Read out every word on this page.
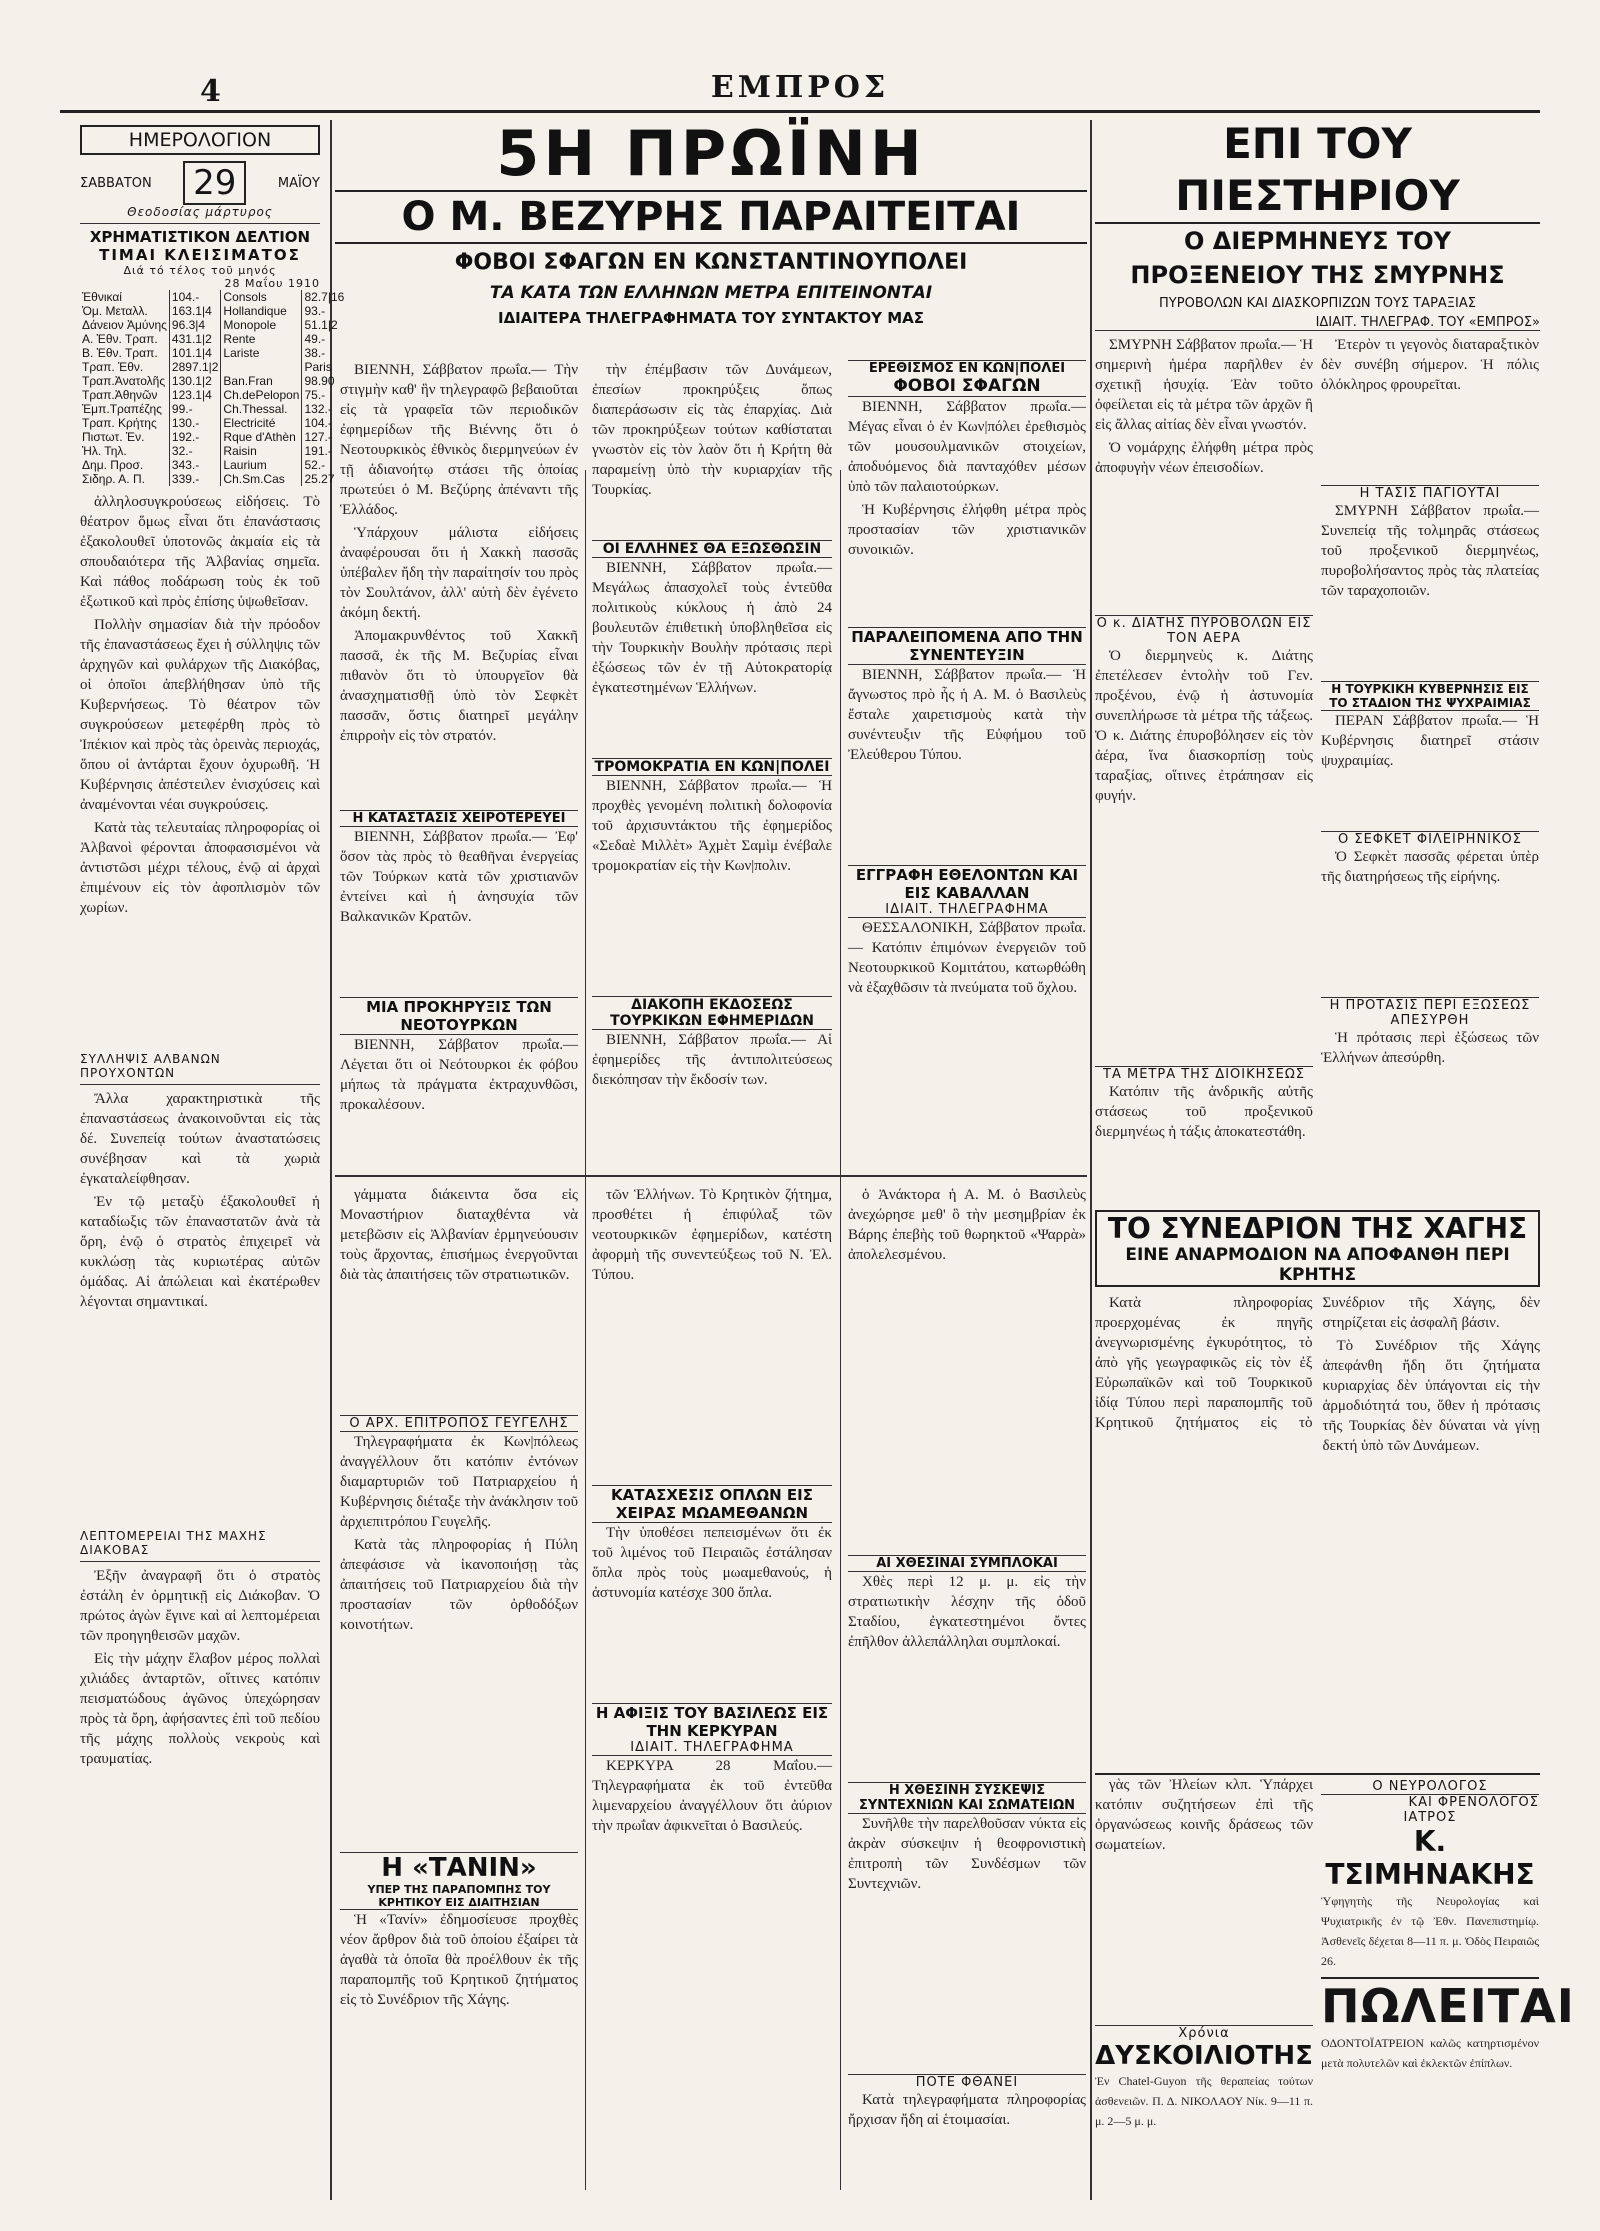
4	ΕΜΠΡΟΣ
ΗΜΕΡΟΛΟΓΙΟΝ
ΣΑΒΒΑΤΟΝ 29	ΜΑΪΟΥ
Θεοδοσίας μάρτυρος
ΧΡΗΜΑΤΙΣΤΙΚΟΝ ΔΕΛΤΙΟΝ
ΤΙΜΑΙ ΚΛΕΙΣΙΜΑΤΟΣ
Διά τό τέλος τοῦ μηνός
28 Μαΐου 1910
Ἐθνικαί	104.-	Consols	82.7|16
Ὁμ. Μεταλλ.	163.1|4	Hollandique	93.-
Δάνειον Ἀμύνης	96.3|4	Monopole	51.1|2
Α. Ἐθν. Τραπ.	431.1|2	Rente	49.-
Β. Ἐθν. Τραπ.	101.1|4	Lariste	38.-
Τραπ. Ἐθν.	2897.1|2		Paris
Τραπ.Ἀνατολῆς	130.1|2	Ban.Fran	98.90
Τραπ.Ἀθηνῶν	123.1|4	Ch.dePelopon	75.-
Ἐμπ.Τραπέζης	99.-	Ch.Thessal.	132.-
Τραπ. Κρήτης	130.-	Electricité	104.-
Πιστωτ. Ἐν.	192.-	Rque d'Athèn	127.-
Ἠλ. Τηλ.	32.-	Raisin	191.-
Δημ. Προσ.	343.-	Laurium	52.-
Σιδηρ. Α. Π.	339.-	Ch.Sm.Cas	25.27

ἀλληλοσυγκρούσεως εἰδήσεις. Τὸ θέατρον ὅμως εἶναι ὅτι ἐπανάστασις ἐξακολουθεῖ ὑποτονῶς ἀκμαία εἰς τὰ σπουδαιότερα τῆς Ἀλβανίας σημεῖα. Καὶ πάθος ποδάρωση τοὺς ἐκ τοῦ ἐξωτικοῦ καὶ πρὸς ἐπίσης ὑψωθεῖσαν.

Πολλὴν σημασίαν διὰ τὴν πρόοδον τῆς ἐπαναστάσεως ἔχει ἡ σύλληψις τῶν ἀρχηγῶν καὶ φυλάρχων τῆς Διακόβας, οἱ ὁποῖοι ἀπεβλήθησαν ὑπὸ τῆς Κυβερνήσεως. Τὸ θέατρον τῶν συγκρούσεων μετεφέρθη πρὸς τὸ Ἰπέκιον καὶ πρὸς τὰς ὀρεινὰς περιοχάς, ὅπου οἱ ἀντάρται ἔχουν ὀχυρωθῆ. Ἡ Κυβέρνησις ἀπέστειλεν ἐνισχύσεις καὶ ἀναμένονται νέαι συγκρούσεις.

Κατὰ τὰς τελευταίας πληροφορίας οἱ Ἀλβανοὶ φέρονται ἀποφασισμένοι νὰ ἀντιστῶσι μέχρι τέλους, ἐνῷ αἱ ἀρχαὶ ἐπιμένουν εἰς τὸν ἀφοπλισμὸν τῶν χωρίων.

ΣΥΛΛΗΨΙΣ ΑΛΒΑΝΩΝ ΠΡΟΥΧΟΝΤΩΝ

Ἄλλα χαρακτηριστικὰ τῆς ἐπαναστάσεως ἀνακοινοῦνται εἰς τὰς δέ. Συνεπείᾳ τούτων ἀναστατώσεις συνέβησαν καὶ τὰ χωριὰ ἐγκαταλείφθησαν.

Ἐν τῷ μεταξὺ ἐξακολουθεῖ ἡ καταδίωξις τῶν ἐπαναστατῶν ἀνὰ τὰ ὄρη, ἐνῷ ὁ στρατὸς ἐπιχειρεῖ νὰ κυκλώσῃ τὰς κυριωτέρας αὐτῶν ὁμάδας. Αἱ ἀπώλειαι καὶ ἐκατέρωθεν λέγονται σημαντικαί.

ΛΕΠΤΟΜΕΡΕΙΑΙ ΤΗΣ ΜΑΧΗΣ ΔΙΑΚΟΒΑΣ

Ἐξῆν ἀναγραφῆ ὅτι ὁ στρατὸς ἐστάλη ἐν ὀρμητικῇ εἰς Διάκοβαν. Ὁ πρώτος ἀγὼν ἔγινε καὶ αἱ λεπτομέρειαι τῶν προηγηθεισῶν μαχῶν.

Εἰς τὴν μάχην ἔλαβον μέρος πολλαὶ χιλιάδες ἀνταρτῶν, οἵτινες κατόπιν πεισματώδους ἀγῶνος ὑπεχώρησαν πρὸς τὰ ὄρη, ἀφήσαντες ἐπὶ τοῦ πεδίου τῆς μάχης πολλοὺς νεκροὺς καὶ τραυματίας.

5Η ΠΡΩΪΝΗ
Ο Μ. ΒΕΖΥΡΗΣ ΠΑΡΑΙΤΕΙΤΑΙ
ΦΟΒΟΙ ΣΦΑΓΩΝ ΕΝ ΚΩΝΣΤΑΝΤΙΝΟΥΠΟΛΕΙ
ΤΑ ΚΑΤΑ ΤΩΝ ΕΛΛΗΝΩΝ ΜΕΤΡΑ ΕΠΙΤΕΙΝΟΝΤΑΙ
ΙΔΙΑΙΤΕΡΑ ΤΗΛΕΓΡΑΦΗΜΑΤΑ ΤΟΥ ΣΥΝΤΑΚΤΟΥ ΜΑΣ

ΒΙΕΝΝΗ, Σάββατον πρωΐα.— Τὴν στιγμὴν καθ' ἣν τηλεγραφῶ βεβαιοῦται εἰς τὰ γραφεῖα τῶν περιοδικῶν ἐφημερίδων τῆς Βιέννης ὅτι ὁ Νεοτουρκικὸς ἐθνικὸς διερμηνεύων ἐν τῇ ἀδιανοήτῳ στάσει τῆς ὁποίας πρωτεύει ὁ Μ. Βεζύρης ἀπέναντι τῆς Ἑλλάδος.

Ὑπάρχουν μάλιστα εἰδήσεις ἀναφέρουσαι ὅτι ἡ Χακκὴ πασσᾶς ὑπέβαλεν ἤδη τὴν παραίτησίν του πρὸς τὸν Σουλτάνον, ἀλλ' αὐτὴ δὲν ἐγένετο ἀκόμη δεκτή.

Ἀπομακρυνθέντος τοῦ Χακκῆ πασσᾶ, ἐκ τῆς Μ. Βεζυρίας εἶναι πιθανὸν ὅτι τὸ ὑπουργεῖον θὰ ἀνασχηματισθῇ ὑπὸ τὸν Σεφκὲτ πασσᾶν, ὅστις διατηρεῖ μεγάλην ἐπιρροὴν εἰς τὸν στρατόν.

Η ΚΑΤΑΣΤΑΣΙΣ ΧΕΙΡΟΤΕΡΕΥΕΙ

ΒΙΕΝΝΗ, Σάββατον πρωΐα.— Ἐφ' ὅσον τὰς πρὸς τὸ θεαθῆναι ἐνεργείας τῶν Τούρκων κατὰ τῶν χριστιανῶν ἐντείνει καὶ ἡ ἀνησυχία τῶν Βαλκανικῶν Κρατῶν.

ΜΙΑ ΠΡΟΚΗΡΥΞΙΣ ΤΩΝ ΝΕΟΤΟΥΡΚΩΝ

ΒΙΕΝΝΗ, Σάββατον πρωΐα.— Λέγεται ὅτι οἱ Νεότουρκοι ἐκ φόβου μήπως τὰ πράγματα ἐκτραχυνθῶσι, προκαλέσουν.

τὴν ἐπέμβασιν τῶν Δυνάμεων, ἐπεσίων προκηρύξεις ὅπως διαπεράσωσιν εἰς τὰς ἐπαρχίας. Διὰ τῶν προκηρύξεων τούτων καθίσταται γνωστὸν εἰς τὸν λαὸν ὅτι ἡ Κρήτη θὰ παραμείνῃ ὑπὸ τὴν κυριαρχίαν τῆς Τουρκίας.

ΟΙ ΕΛΛΗΝΕΣ ΘΑ ΕΞΩΣΘΩΣΙΝ

ΒΙΕΝΝΗ, Σάββατον πρωΐα.— Μεγάλως ἀπασχολεῖ τοὺς ἐντεῦθα πολιτικοὺς κύκλους ἡ ἀπὸ 24 βουλευτῶν ἐπιθετικὴ ὑποβληθεῖσα εἰς τὴν Τουρκικὴν Βουλὴν πρότασις περὶ ἐξώσεως τῶν ἐν τῇ Αὐτοκρατορίᾳ ἐγκατεστημένων Ἑλλήνων.

ΤΡΟΜΟΚΡΑΤΙΑ ΕΝ ΚΩΝ|ΠΟΛΕΙ

ΒΙΕΝΝΗ, Σάββατον πρωΐα.— Ἡ προχθὲς γενομένη πολιτικὴ δολοφονία τοῦ ἀρχισυντάκτου τῆς ἐφημερίδος «Σεδαὲ Μιλλὲτ» Ἀχμὲτ Σαμὶμ ἐνέβαλε τρομοκρατίαν εἰς τὴν Κων|πολιν.

ΔΙΑΚΟΠΗ ΕΚΔΟΣΕΩΣ ΤΟΥΡΚΙΚΩΝ ΕΦΗΜΕΡΙΔΩΝ

ΒΙΕΝΝΗ, Σάββατον πρωΐα.— Αἱ ἐφημερίδες τῆς ἀντιπολιτεύσεως διεκόπησαν τὴν ἔκδοσίν των.

ΕΡΕΘΙΣΜΟΣ ΕΝ ΚΩΝ|ΠΟΛΕΙ
ΦΟΒΟΙ ΣΦΑΓΩΝ

ΒΙΕΝΝΗ, Σάββατον πρωΐα.— Μέγας εἶναι ὁ ἐν Κων|πόλει ἐρεθισμὸς τῶν μουσουλμανικῶν στοιχείων, ἀποδυόμενος διὰ πανταχόθεν μέσων ὑπὸ τῶν παλαιοτούρκων.

Ἡ Κυβέρνησις ἐλήφθη μέτρα πρὸς προστασίαν τῶν χριστιανικῶν συνοικιῶν.

ΠΑΡΑΛΕΙΠΟΜΕΝΑ ΑΠΟ ΤΗΝ ΣΥΝΕΝΤΕΥΞΙΝ

ΒΙΕΝΝΗ, Σάββατον πρωΐα.— Ἡ ἄγνωστος πρὸ ἧς ἡ Α. Μ. ὁ Βασιλεὺς ἔσταλε χαιρετισμοὺς κατὰ τὴν συνέντευξιν τῆς Εὐφήμου τοῦ Ἐλεύθερου Τύπου.

ΕΓΓΡΑΦΗ ΕΘΕΛΟΝΤΩΝ ΚΑΙ ΕΙΣ ΚΑΒΑΛΛΑΝ
ΙΔΙΑΙΤ. ΤΗΛΕΓΡΑΦΗΜΑ

ΘΕΣΣΑΛΟΝΙΚΗ, Σάββατον πρωΐα.— Κατόπιν ἐπιμόνων ἐνεργειῶν τοῦ Νεοτουρκικοῦ Κομιτάτου, κατωρθώθη νὰ ἐξαχθῶσιν τὰ πνεύματα τοῦ ὄχλου.

γάμματα διάκειντα ὅσα εἰς Μοναστήριον διαταχθέντα νὰ μετεβῶσιν εἰς Ἀλβανίαν ἐρμηνεύουσιν τοὺς ἄρχοντας, ἐπισήμως ἐνεργοῦνται διὰ τὰς ἀπαιτήσεις τῶν στρατιωτικῶν.

Ο ΑΡΧ. ΕΠΙΤΡΟΠΟΣ ΓΕΥΓΕΛΗΣ

Τηλεγραφήματα ἐκ Κων|πόλεως ἀναγγέλλουν ὅτι κατόπιν ἐντόνων διαμαρτυριῶν τοῦ Πατριαρχείου ἡ Κυβέρνησις διέταξε τὴν ἀνάκλησιν τοῦ ἀρχιεπιτρόπου Γευγελῆς.

Κατὰ τὰς πληροφορίας ἡ Πύλη ἀπεφάσισε νὰ ἱκανοποιήσῃ τὰς ἀπαιτήσεις τοῦ Πατριαρχείου διὰ τὴν προστασίαν τῶν ὀρθοδόξων κοινοτήτων.

Η «ΤΑΝΙΝ»
ΥΠΕΡ ΤΗΣ ΠΑΡΑΠΟΜΠΗΣ ΤΟΥ ΚΡΗΤΙΚΟΥ ΕΙΣ ΔΙΑΙΤΗΣΙΑΝ

Ἡ «Τανίν» ἐδημοσίευσε προχθὲς νέον ἄρθρον διὰ τοῦ ὁποίου ἐξαίρει τὰ ἀγαθὰ τὰ ὁποῖα θὰ προέλθουν ἐκ τῆς παραπομπῆς τοῦ Κρητικοῦ ζητήματος εἰς τὸ Συνέδριον τῆς Χάγης.

τῶν Ἑλλήνων. Τὸ Κρητικὸν ζήτημα, προσθέτει ἡ ἐπιφύλαξ τῶν νεοτουρκικῶν ἐφημερίδων, κατέστη ἀφορμὴ τῆς συνεντεύξεως τοῦ Ν. Ἐλ. Τύπου.

ΚΑΤΑΣΧΕΣΙΣ ΟΠΛΩΝ ΕΙΣ ΧΕΙΡΑΣ ΜΩΑΜΕΘΑΝΩΝ

Τὴν ὑποθέσει πεπεισμένων ὅτι ἐκ τοῦ λιμένος τοῦ Πειραιῶς ἐστάλησαν ὅπλα πρὸς τοὺς μωαμεθανούς, ἡ ἀστυνομία κατέσχε 300 ὅπλα.

Η ΑΦΙΞΙΣ ΤΟΥ ΒΑΣΙΛΕΩΣ ΕΙΣ ΤΗΝ ΚΕΡΚΥΡΑΝ
ΙΔΙΑΙΤ. ΤΗΛΕΓΡΑΦΗΜΑ

ΚΕΡΚΥΡΑ 28 Μαΐου.— Τηλεγραφήματα ἐκ τοῦ ἐντεῦθα λιμεναρχείου ἀναγγέλλουν ὅτι ἀύριον τὴν πρωΐαν ἀφικνεῖται ὁ Βασιλεύς.

ὁ Ἀνάκτορα ἡ Α. Μ. ὁ Βασιλεὺς ἀνεχώρησε μεθ' ὃ τὴν μεσημβρίαν ἐκ Βάρης ἐπεβὴς τοῦ θωρηκτοῦ «Ψαρρὰ» ἀπολελεσμένου.

ΑΙ ΧΘΕΣΙΝΑΙ ΣΥΜΠΛΟΚΑΙ

Χθὲς περὶ 12 μ. μ. εἰς τὴν στρατιωτικὴν λέσχην τῆς ὁδοῦ Σταδίου, ἐγκατεστημένοι ὄντες ἐπῆλθον ἀλλεπάλληλαι συμπλοκαί.

Η ΧΘΕΣΙΝΗ ΣΥΣΚΕΨΙΣ
ΣΥΝΤΕΧΝΙΩΝ ΚΑΙ ΣΩΜΑΤΕΙΩΝ

Συνῆλθε τὴν παρελθοῦσαν νύκτα εἰς ἀκρὰν σύσκεψιν ἡ θεοφρονιστικὴ ἐπιτροπὴ τῶν Συνδέσμων τῶν Συντεχνιῶν.

ΠΟΤΕ ΦΘΑΝΕΙ

Κατὰ τηλεγραφήματα πληροφορίας ἤρχισαν ἤδη αἱ ἑτοιμασίαι.

ΕΠΙ ΤΟΥ ΠΙΕΣΤΗΡΙΟΥ
Ο ΔΙΕΡΜΗΝΕΥΣ ΤΟΥ ΠΡΟΞΕΝΕΙΟΥ ΤΗΣ ΣΜΥΡΝΗΣ
ΠΥΡΟΒΟΛΩΝ ΚΑΙ ΔΙΑΣΚΟΡΠΙΖΩΝ ΤΟΥΣ ΤΑΡΑΞΙΑΣ
ΙΔΙΑΙΤ. ΤΗΛΕΓΡΑΦ. ΤΟΥ «ΕΜΠΡΟΣ»

ΣΜΥΡΝΗ Σάββατον πρωΐα.— Ἡ σημερινὴ ἡμέρα παρῆλθεν ἐν σχετικῇ ἡσυχίᾳ. Ἐὰν τοῦτο ὀφείλεται εἰς τὰ μέτρα τῶν ἀρχῶν ἢ εἰς ἄλλας αἰτίας δὲν εἶναι γνωστόν.

Ὁ νομάρχης ἐλήφθη μέτρα πρὸς ἀποφυγὴν νέων ἐπεισοδίων.

Ο κ. ΔΙΑΤΗΣ ΠΥΡΟΒΟΛΩΝ ΕΙΣ ΤΟΝ ΑΕΡΑ

Ὁ διερμηνεὺς κ. Διάτης ἐπετέλεσεν ἐντολὴν τοῦ Γεν. προξένου, ἐνῷ ἡ ἀστυνομία συνεπλήρωσε τὰ μέτρα τῆς τάξεως. Ὁ κ. Διάτης ἐπυροβόλησεν εἰς τὸν ἀέρα, ἵνα διασκορπίσῃ τοὺς ταραξίας, οἵτινες ἐτράπησαν εἰς φυγήν.

ΤΑ ΜΕΤΡΑ ΤΗΣ ΔΙΟΙΚΗΣΕΩΣ

Κατόπιν τῆς ἀνδρικῆς αὐτῆς στάσεως τοῦ προξενικοῦ διερμηνέως ἡ τάξις ἀποκατεστάθη.

Ἐτερὸν τι γεγονὸς διαταραξτικὸν δὲν συνέβη σήμερον. Ἡ πόλις ὁλόκληρος φρουρεῖται.

Η ΤΑΣΙΣ ΠΑΓΙΟΥΤΑΙ

ΣΜΥΡΝΗ Σάββατον πρωΐα.— Συνεπείᾳ τῆς τολμηρᾶς στάσεως τοῦ προξενικοῦ διερμηνέως, πυροβολήσαντος πρὸς τὰς πλατείας τῶν ταραχοποιῶν.

Η ΤΟΥΡΚΙΚΗ ΚΥΒΕΡΝΗΣΙΣ ΕΙΣ ΤΟ ΣΤΑΔΙΟΝ ΤΗΣ ΨΥΧΡΑΙΜΙΑΣ

ΠΕΡΑΝ Σάββατον πρωΐα.— Ἡ Κυβέρνησις διατηρεῖ στάσιν ψυχραιμίας.

Ο ΣΕΦΚΕΤ ΦΙΛΕΙΡΗΝΙΚΟΣ

Ὁ Σεφκὲτ πασσᾶς φέρεται ὑπὲρ τῆς διατηρήσεως τῆς εἰρήνης.

Η ΠΡΟΤΑΣΙΣ ΠΕΡΙ ΕΞΩΣΕΩΣ ΑΠΕΣΥΡΘΗ

Ἡ πρότασις περὶ ἐξώσεως τῶν Ἑλλήνων ἀπεσύρθη.

ΤΟ ΣΥΝΕΔΡΙΟΝ ΤΗΣ ΧΑΓΗΣ
ΕΙΝΕ ΑΝΑΡΜΟΔΙΟΝ ΝΑ ΑΠΟΦΑΝΘΗ ΠΕΡΙ ΚΡΗΤΗΣ

Κατὰ πληροφορίας προερχομένας ἐκ πηγῆς ἀνεγνωρισμένης ἐγκυρότητος, τὸ ἀπὸ γῆς γεωγραφικῶς εἰς τὸν ἐξ Εὐρωπαϊκῶν καὶ τοῦ Τουρκικοῦ ἰδίᾳ Τύπου περὶ παραπομπῆς τοῦ Κρητικοῦ ζητήματος εἰς τὸ Συνέδριον τῆς Χάγης, δὲν στηρίζεται εἰς ἀσφαλῆ βάσιν.

Τὸ Συνέδριον τῆς Χάγης ἀπεφάνθη ἤδη ὅτι ζητήματα κυριαρχίας δὲν ὑπάγονται εἰς τὴν ἁρμοδιότητά του, ὅθεν ἡ πρότασις τῆς Τουρκίας δὲν δύναται νὰ γίνῃ δεκτή ὑπὸ τῶν Δυνάμεων.

γὰς τῶν Ἠλείων κλπ. Ὑπάρχει κατόπιν συζητήσεων ἐπὶ τῆς ὀργανώσεως κοινῆς δράσεως τῶν σωματείων.

Χρόνια
ΔΥΣΚΟΙΛΙΟΤΗΣ
Ἐν Chatel-Guyon τῆς θεραπείας τούτων ἀσθενειῶν. Π. Δ. ΝΙΚΟΛΑΟΥ Νίκ. 9—11 π. μ. 2—5 μ. μ.
Ο ΝΕΥΡΟΛΟΓΟΣ
ΚΑΙ ΦΡΕΝΟΛΟΓΟΣ
ΙΑΤΡΟΣ
Κ. ΤΣΙΜΗΝΑΚΗΣ
Ὑφηγητὴς τῆς Νευρολογίας καὶ Ψυχιατρικῆς ἐν τῷ Ἐθν. Πανεπιστημίῳ. Ἀσθενεῖς δέχεται 8—11 π. μ. Ὁδὸς Πειραιῶς 26.
ΠΩΛΕΙΤΑΙ
ΟΔΟΝΤΟΪΑΤΡΕΙΟΝ καλῶς κατηρτισμένον μετὰ πολυτελῶν καὶ ἐκλεκτῶν ἐπίπλων.
